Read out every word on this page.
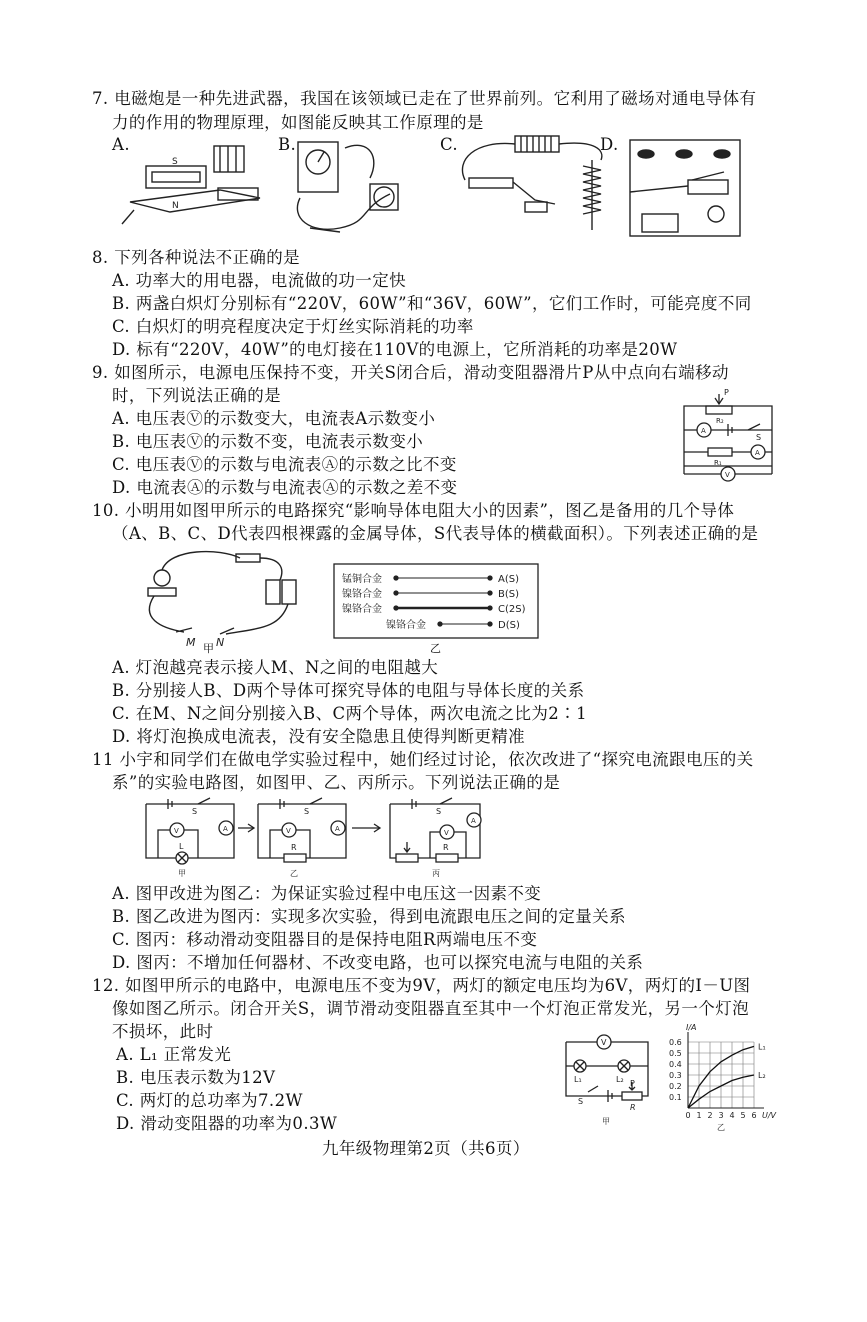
7. 电磁炮是一种先进武器，我国在该领域已走在了世界前列。它利用了磁场对通电导体有
力的作用的物理原理，如图能反映其工作原理的是
A.	B.	C.	D.
S
N
8. 下列各种说法不正确的是
A. 功率大的用电器，电流做的功一定快
B. 两盏白炽灯分别标有“220V，60W”和“36V，60W”，它们工作时，可能亮度不同
C. 白炽灯的明亮程度决定于灯丝实际消耗的功率
D. 标有“220V，40W”的电灯接在110V的电源上，它所消耗的功率是20W
9. 如图所示，电源电压保持不变，开关S闭合后，滑动变阻器滑片P从中点向右端移动
时，下列说法正确的是
A. 电压表Ⓥ的示数变大，电流表A示数变小
B. 电压表Ⓥ的示数不变，电流表示数变小
C. 电压表Ⓥ的示数与电流表Ⓐ的示数之比不变
D. 电流表Ⓐ的示数与电流表Ⓐ的示数之差不变
P
R₂
R₁
S
A
A
V
10. 小明用如图甲所示的电路探究“影响导体电阻大小的因素”，图乙是备用的几个导体
（A、B、C、D代表四根裸露的金属导体，S代表导体的横截面积）。下列表述正确的是
M N
锰铜合金
镍铬合金
镍铬合金
镍铬合金
A(S)
B(S)
C(2S)
D(S)
甲	乙
A. 灯泡越亮表示接人M、N之间的电阻越大
B. 分别接人B、D两个导体可探究导体的电阻与导体长度的关系
C. 在M、N之间分别接入B、C两个导体，两次电流之比为2∶1
D. 将灯泡换成电流表，没有安全隐患且使得判断更精准
11 小宇和同学们在做电学实验过程中，她们经过讨论，依次改进了“探究电流跟电压的关
系”的实验电路图，如图甲、乙、丙所示。下列说法正确的是
S
V	A
L
甲
S
V	A
R
乙
S
V
A
R
丙
A. 图甲改进为图乙：为保证实验过程中电压这一因素不变
B. 图乙改进为图丙：实现多次实验，得到电流跟电压之间的定量关系
C. 图丙：移动滑动变阻器目的是保持电阻R两端电压不变
D. 图丙：不增加任何器材、不改变电路，也可以探究电流与电阻的关系
12. 如图甲所示的电路中，电源电压不变为9V，两灯的额定电压均为6V，两灯的I－U图
像如图乙所示。闭合开关S，调节滑动变阻器直至其中一个灯泡正常发光，另一个灯泡
不损坏，此时
A. L₁ 正常发光
B. 电压表示数为12V
C. 两灯的总功率为7.2W
D. 滑动变阻器的功率为0.3W
V
L₁	L₂
S
P
R
甲
0 1 2 3 4 5 6
0.1
0.2
0.3
0.4
0.5
0.6
I/A
U/V
乙
L₁
L₂
九年级物理第2页（共6页）
